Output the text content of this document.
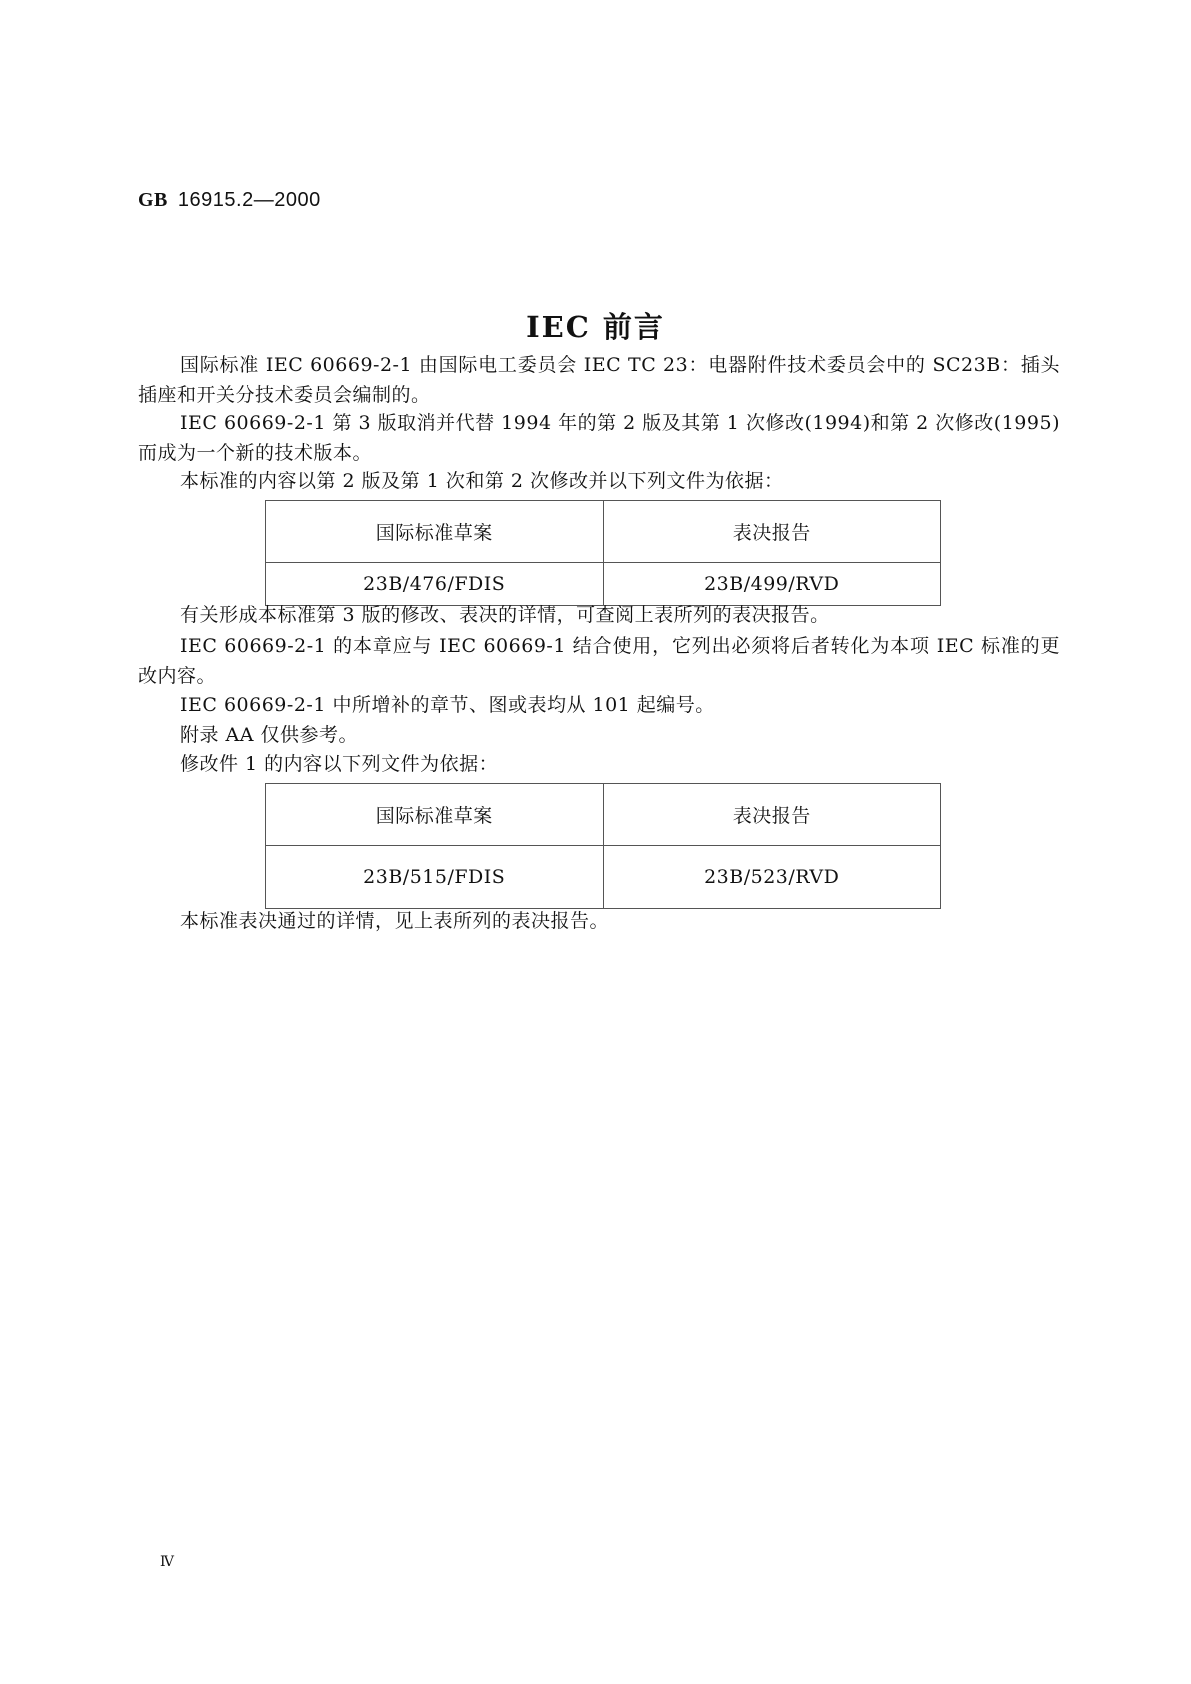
GB 16915.2—2000
IEC 前言
国际标准 IEC 60669-2-1 由国际电工委员会 IEC TC 23：电器附件技术委员会中的 SC23B：插头插座和开关分技术委员会编制的。
IEC 60669-2-1 第 3 版取消并代替 1994 年的第 2 版及其第 1 次修改(1994)和第 2 次修改(1995)而成为一个新的技术版本。
本标准的内容以第 2 版及第 1 次和第 2 次修改并以下列文件为依据：
国际标准草案	表决报告
23B/476/FDIS	23B/499/RVD
有关形成本标准第 3 版的修改、表决的详情，可查阅上表所列的表决报告。
IEC 60669-2-1 的本章应与 IEC 60669-1 结合使用，它列出必须将后者转化为本项 IEC 标准的更改内容。
IEC 60669-2-1 中所增补的章节、图或表均从 101 起编号。
附录 AA 仅供参考。
修改件 1 的内容以下列文件为依据：
国际标准草案	表决报告
23B/515/FDIS	23B/523/RVD
本标准表决通过的详情，见上表所列的表决报告。
Ⅳ
